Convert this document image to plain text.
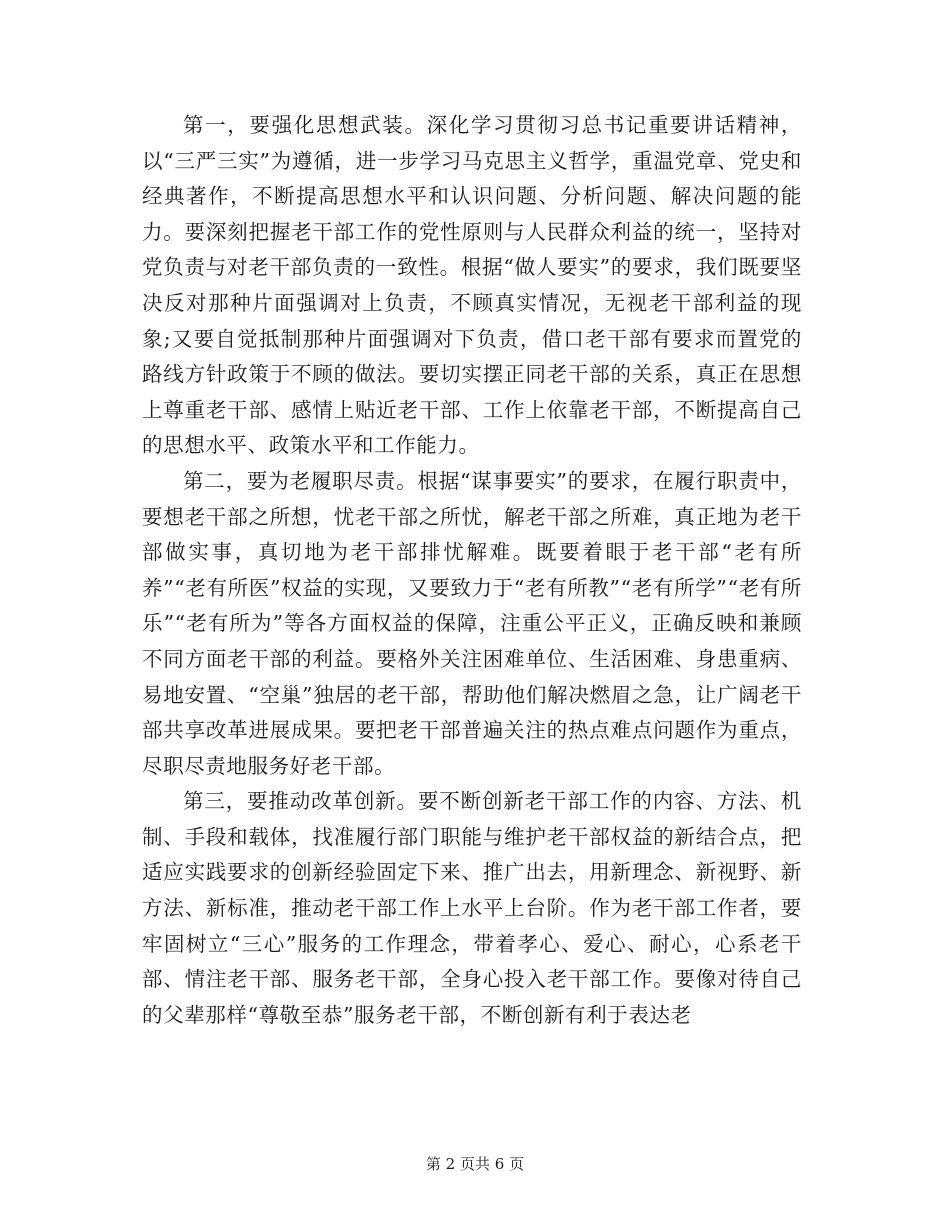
第一，要强化思想武装。深化学习贯彻习总书记重要讲话精神，以“三严三实”为遵循，进一步学习马克思主义哲学，重温党章、党史和经典著作，不断提高思想水平和认识问题、分析问题、解决问题的能力。要深刻把握老干部工作的党性原则与人民群众利益的统一，坚持对党负责与对老干部负责的一致性。根据“做人要实”的要求，我们既要坚决反对那种片面强调对上负责，不顾真实情况，无视老干部利益的现象;又要自觉抵制那种片面强调对下负责，借口老干部有要求而置党的路线方针政策于不顾的做法。要切实摆正同老干部的关系，真正在思想上尊重老干部、感情上贴近老干部、工作上依靠老干部，不断提高自己的思想水平、政策水平和工作能力。

第二，要为老履职尽责。根据“谋事要实”的要求，在履行职责中，要想老干部之所想，忧老干部之所忧，解老干部之所难，真正地为老干部做实事，真切地为老干部排忧解难。既要着眼于老干部“老有所养”“老有所医”权益的实现，又要致力于“老有所教”“老有所学”“老有所乐”“老有所为”等各方面权益的保障，注重公平正义，正确反映和兼顾不同方面老干部的利益。要格外关注困难单位、生活困难、身患重病、易地安置、“空巢”独居的老干部，帮助他们解决燃眉之急，让广阔老干部共享改革进展成果。要把老干部普遍关注的热点难点问题作为重点，尽职尽责地服务好老干部。

第三，要推动改革创新。要不断创新老干部工作的内容、方法、机制、手段和载体，找准履行部门职能与维护老干部权益的新结合点，把适应实践要求的创新经验固定下来、推广出去，用新理念、新视野、新方法、新标准，推动老干部工作上水平上台阶。作为老干部工作者，要牢固树立“三心”服务的工作理念，带着孝心、爱心、耐心，心系老干部、情注老干部、服务老干部，全身心投入老干部工作。要像对待自己的父辈那样“尊敬至恭”服务老干部，不断创新有利于表达老

第 2 页共 6 页
